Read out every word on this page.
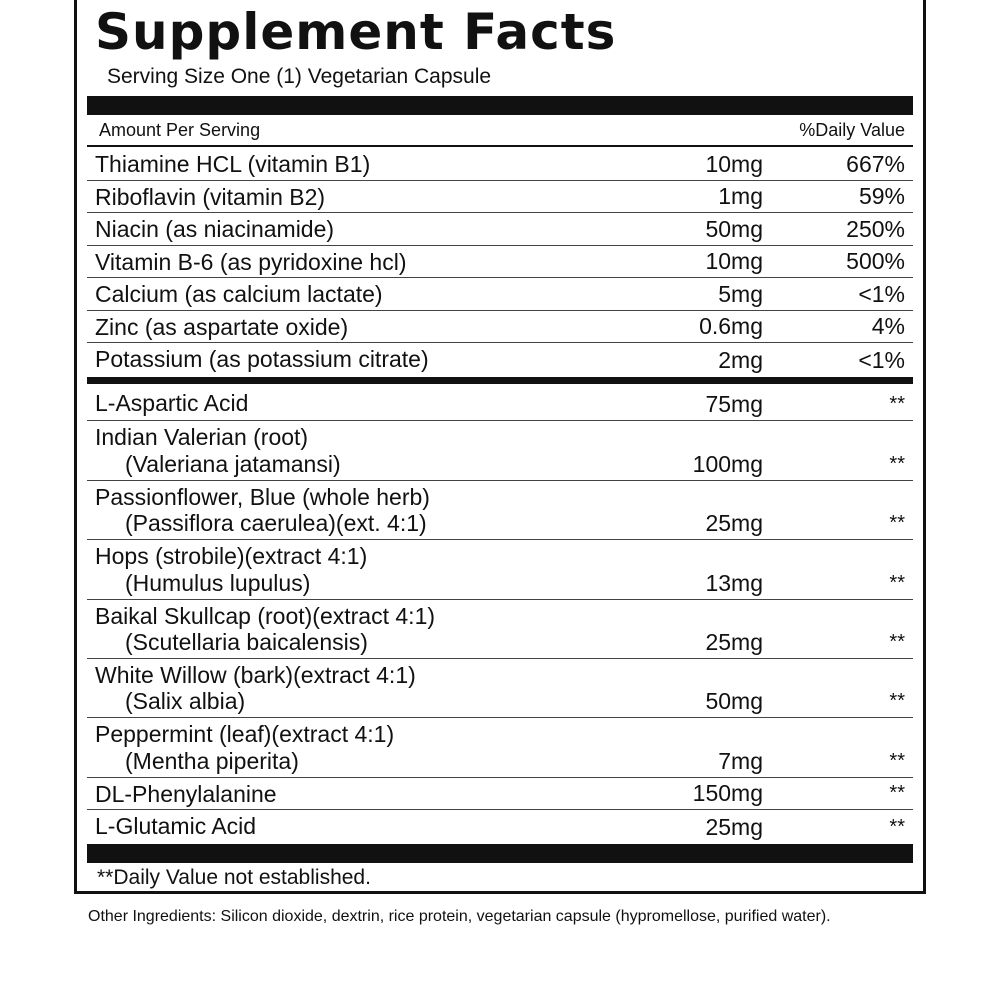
Supplement Facts
Serving Size One (1) Vegetarian Capsule
Amount Per Serving	%Daily Value
Thiamine HCL (vitamin B1)	10mg	667%
Riboflavin (vitamin B2)	1mg	59%
Niacin (as niacinamide)	50mg	250%
Vitamin B-6 (as pyridoxine hcl)	10mg	500%
Calcium (as calcium lactate)	5mg	<1%
Zinc (as aspartate oxide)	0.6mg	4%
Potassium (as potassium citrate)	2mg	<1%
L-Aspartic Acid	75mg	**
Indian Valerian (root)
(Valeriana jatamansi)	100mg	**
Passionflower, Blue (whole herb)
(Passiflora caerulea)(ext. 4:1)	25mg	**
Hops (strobile)(extract 4:1)
(Humulus lupulus)	13mg	**
Baikal Skullcap (root)(extract 4:1)
(Scutellaria baicalensis)	25mg	**
White Willow (bark)(extract 4:1)
(Salix albia)	50mg	**
Peppermint (leaf)(extract 4:1)
(Mentha piperita)	7mg	**
DL-Phenylalanine	150mg	**
L-Glutamic Acid	25mg	**
**Daily Value not established.
Other Ingredients: Silicon dioxide, dextrin, rice protein, vegetarian capsule (hypromellose, purified water).
